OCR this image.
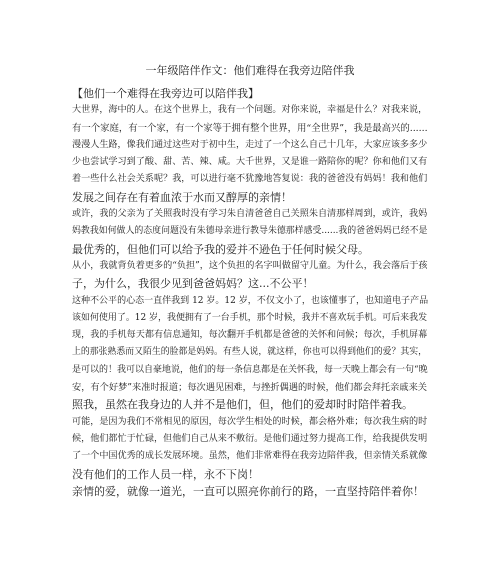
一年级陪伴作文：他们难得在我旁边陪伴我
【他们一个难得在我旁边可以陪伴我】
大世界，海中的人。在这个世界上，我有一个问题。对你来说，幸福是什么？对我来说，
有一个家庭，有一个家，有一个家等于拥有整个世界，用“全世界”，我是最高兴的......
漫漫人生路，像我们通过这些对于初中生，走过了一个这么自己十几年，大家应该多多少
少也尝试学习到了酸、甜、苦、辣、咸。大千世界，又是谁一路陪你的呢？你和他们又有
着一些什么社会关系呢？我，可以进行毫不犹豫地答复说：我的爸爸没有妈妈！我和他们
发展之间存在有着血浓于水而又醇厚的亲情！
或许，我的父亲为了关照我时没有学习朱自清爸爸自己关照朱自清那样周到，或许，我妈
妈教我如何做人的态度问题没有朱德母亲进行教导朱德那样感受......我的爸爸妈妈已经不是
最优秀的，但他们可以给予我的爱并不逊色于任何时候父母。
从小，我就背负着更多的“负担”，这个负担的名字叫做留守儿童。为什么，我会落后于孩
子，为什么，我很少见到爸爸妈妈？这...不公平！
这种不公平的心态一直伴我到 12 岁。12 岁，不仅文小了，也该懂事了，也知道电子产品
该如何使用了。12 岁，我便拥有了一台手机，那个时候，我并不喜欢玩手机。可后来我发
现，我的手机每天都有信息通知，每次翻开手机都是爸爸的关怀和问候；每次，手机屏幕
上的那张熟悉而又陌生的脸都是妈妈。有些人说，就这样，你也可以得到他们的爱？其实，
是可以的！我可以自豪地说，他们的每一条信息都是在关怀我，每一天晚上都会有一句“晚
安，有个好梦”来准时报道；每次遇见困难，与挫折偶遇的时候，他们都会拜托亲戚来关
照我，虽然在我身边的人并不是他们，但，他们的爱却时时陪伴着我。
可能，是因为我们不常相见的原因，每次学生相处的时候，都会格外难；每次我生病的时
候，他们都忙于忙碌，但他们自己从来不敷衍。是他们通过努力提高工作，给我提供发明
了一个中国优秀的成长发展环境。虽然，他们非常难得在我旁边陪伴我，但亲情关系就像
没有他们的工作人员一样，永不下岗！
亲情的爱，就像一道光，一直可以照亮你前行的路，一直坚持陪伴着你！
